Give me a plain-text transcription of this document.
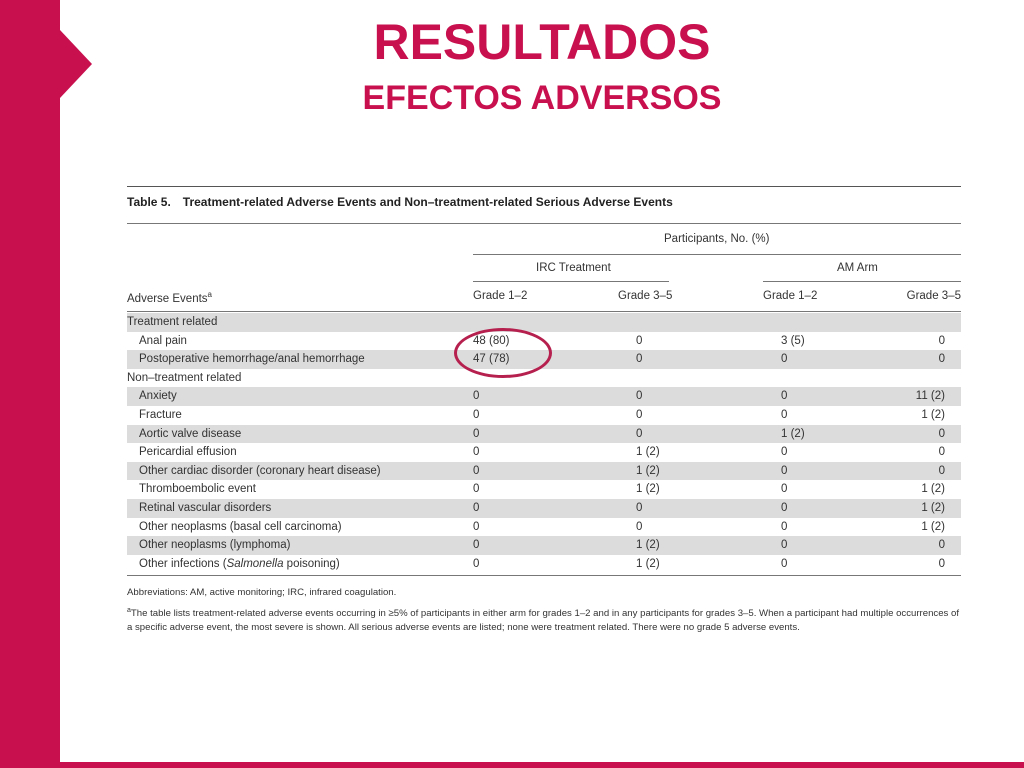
RESULTADOS
EFECTOS ADVERSOS
Table 5. Treatment-related Adverse Events and Non–treatment-related Serious Adverse Events
Participants, No. (%)
IRC Treatment	AM Arm
Adverse Events$^a$	Grade 1–2	Grade 3–5	Grade 1–2	Grade 3–5
Treatment related				
Anal pain	48 (80)	0	3 (5)	0
Postoperative hemorrhage/anal hemorrhage	47 (78)	0	0	0
Non–treatment related				
Anxiety	0	0	0	11 (2)
Fracture	0	0	0	1 (2)
Aortic valve disease	0	0	1 (2)	0
Pericardial effusion	0	1 (2)	0	0
Other cardiac disorder (coronary heart disease)	0	1 (2)	0	0
Thromboembolic event	0	1 (2)	0	1 (2)
Retinal vascular disorders	0	0	0	1 (2)
Other neoplasms (basal cell carcinoma)	0	0	0	1 (2)
Other neoplasms (lymphoma)	0	1 (2)	0	0
Other infections (Salmonella poisoning)	0	1 (2)	0	0

Abbreviations: AM, active monitoring; IRC, infrared coagulation.

$^a$The table lists treatment-related adverse events occurring in ≥5% of participants in either arm for grades 1–2 and in any participants for grades 3–5. When a participant had multiple occurrences of a specific adverse event, the most severe is shown. All serious adverse events are listed; none were treatment related. There were no grade 5 adverse events.
